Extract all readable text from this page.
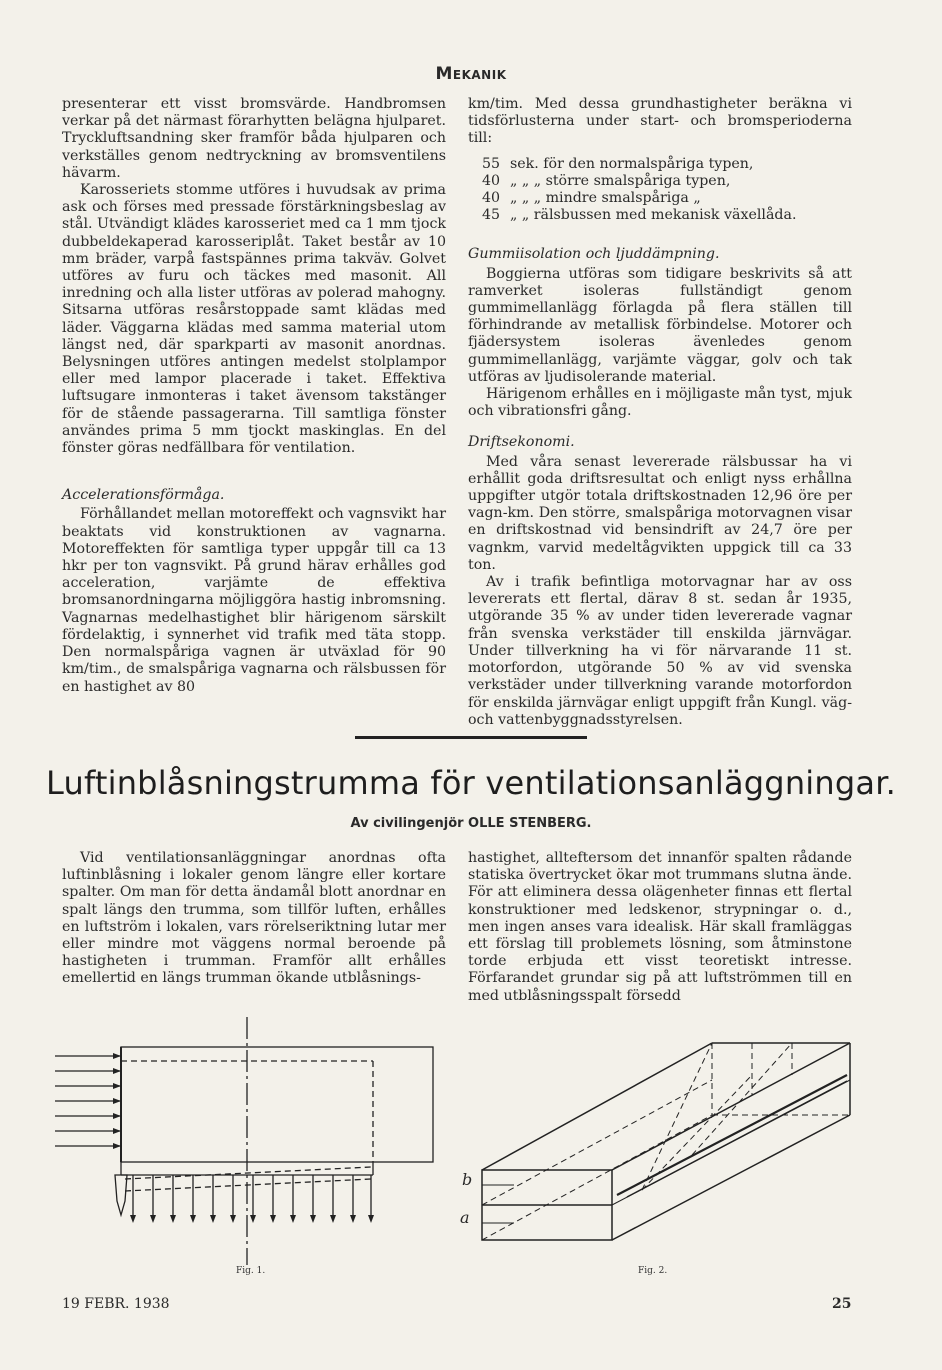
Mekanik

presenterar ett visst bromsvärde. Handbromsen verkar på det närmast förarhytten belägna hjulparet. Tryckluftsandning sker framför båda hjulparen och verkställes genom nedtryckning av bromsventilens hävarm.

Karosseriets stomme utföres i huvudsak av prima ask och förses med pressade förstärkningsbeslag av stål. Utvändigt klädes karosseriet med ca 1 mm tjock dubbeldekaperad karosseriplåt. Taket består av 10 mm bräder, varpå fastspännes prima takväv. Golvet utföres av furu och täckes med masonit. All inredning och alla lister utföras av polerad mahogny. Sitsarna utföras resårstoppade samt klädas med läder. Väggarna klädas med samma material utom längst ned, där sparkparti av masonit anordnas. Belysningen utföres antingen medelst stolplampor eller med lampor placerade i taket. Effektiva luftsugare inmonteras i taket ävensom takstänger för de stående passagerarna. Till samtliga fönster användes prima 5 mm tjockt maskinglas. En del fönster göras nedfällbara för ventilation.

Accelerationsförmåga.

Förhållandet mellan motoreffekt och vagnsvikt har beaktats vid konstruktionen av vagnarna. Motoreffekten för samtliga typer uppgår till ca 13 hkr per ton vagnsvikt. På grund härav erhålles god acceleration, varjämte de effektiva bromsanordningarna möjliggöra hastig inbromsning. Vagnarnas medelhastighet blir härigenom särskilt fördelaktig, i synnerhet vid trafik med täta stopp. Den normalspåriga vagnen är utväxlad för 90 km/tim., de smalspåriga vagnarna och rälsbussen för en hastighet av 80

km/tim. Med dessa grundhastigheter beräkna vi tidsförlusterna under start- och bromsperioderna till:

55 sek. för den normalspåriga typen,
40 „ „ „ större smalspåriga typen,
40 „ „ „ mindre smalspåriga „
45 „ „ rälsbussen med mekanisk växellåda.

Gummiisolation och ljuddämpning.

Boggierna utföras som tidigare beskrivits så att ramverket isoleras fullständigt genom gummimellanlägg förlagda på flera ställen till förhindrande av metallisk förbindelse. Motorer och fjädersystem isoleras ävenledes genom gummimellanlägg, varjämte väggar, golv och tak utföras av ljudisolerande material.

Härigenom erhålles en i möjligaste mån tyst, mjuk och vibrationsfri gång.

Driftsekonomi.

Med våra senast levererade rälsbussar ha vi erhållit goda driftsresultat och enligt nyss erhållna uppgifter utgör totala driftskostnaden 12,96 öre per vagn-km. Den större, smalspåriga motorvagnen visar en driftskostnad vid bensindrift av 24,7 öre per vagnkm, varvid medeltågvikten uppgick till ca 33 ton.

Av i trafik befintliga motorvagnar har av oss levererats ett flertal, därav 8 st. sedan år 1935, utgörande 35 % av under tiden levererade vagnar från svenska verkstäder till enskilda järnvägar. Under tillverkning ha vi för närvarande 11 st. motorfordon, utgörande 50 % av vid svenska verkstäder under tillverkning varande motorfordon för enskilda järnvägar enligt uppgift från Kungl. väg- och vattenbyggnadsstyrelsen.

Luftinblåsningstrumma för ventilationsanläggningar.
Av civilingenjör OLLE STENBERG.

Vid ventilationsanläggningar anordnas ofta luftinblåsning i lokaler genom längre eller kortare spalter. Om man för detta ändamål blott anordnar en spalt längs den trumma, som tillför luften, erhålles en luftström i lokalen, vars rörelseriktning lutar mer eller mindre mot väggens normal beroende på hastigheten i trumman. Framför allt erhålles emellertid en längs trumman ökande utblåsnings-

hastighet, allteftersom det innanför spalten rådande statiska övertrycket ökar mot trummans slutna ände. För att eliminera dessa olägenheter finnas ett flertal konstruktioner med ledskenor, strypningar o. d., men ingen anses vara idealisk. Här skall framläggas ett förslag till problemets lösning, som åtminstone torde erbjuda ett visst teoretiskt intresse. Förfarandet grundar sig på att luftströmmen till en med utblåsningsspalt försedd

Fig. 1.
b
a
Fig. 2.
19 FEBR. 1938	25
